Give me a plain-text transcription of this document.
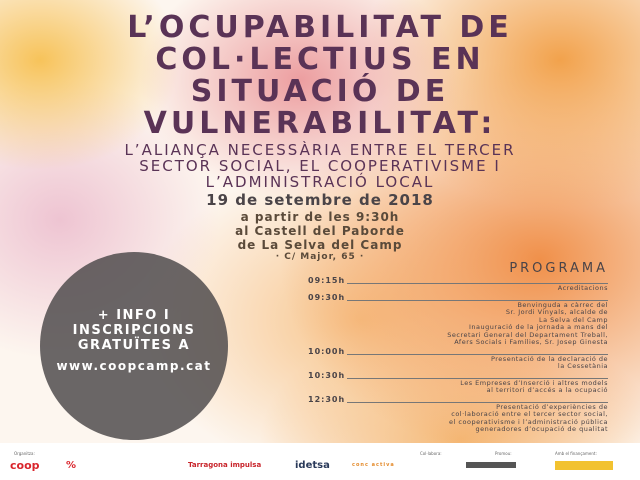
L’OCUPABILITAT DE
COL·LECTIUS EN
SITUACIÓ DE
VULNERABILITAT:
L’ALIANÇA NECESSÀRIA ENTRE EL TERCER
SECTOR SOCIAL, EL COOPERATIVISME I
L’ADMINISTRACIÓ LOCAL
19 de setembre de 2018
a partir de les 9:30h
al Castell del Paborde
de La Selva del Camp
· C/ Major, 65 ·
+ INFO I
INSCRIPCIONS
GRATUÏTES A
www.coopcamp.cat
PROGRAMA
09:15h
Acreditacions
09:30h
Benvinguda a càrrec del
Sr. Jordi Vinyals, alcalde de
La Selva del Camp
Inauguració de la jornada a mans del
Secretari General del Departament Treball,
Afers Socials i Famílies, Sr. Josep Ginesta
10:00h
Presentació de la declaració de
la Cessetània
10:30h
Les Empreses d’Inserció i altres models
al territori d’accés a la ocupació
12:30h
Presentació d’experiències de
col·laboració entre el tercer sector social,
el cooperativisme i l’administració pública
generadores d’ocupació de qualitat
Organitza:	Col·labora:	Promou:	Amb el finançament:
coop	%	Tarragona impulsa	idetsa	conc activa
